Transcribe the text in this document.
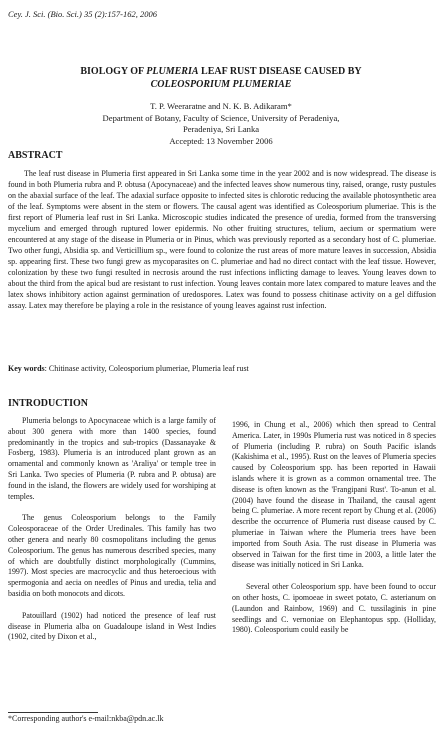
Cey. J. Sci. (Bio. Sci.) 35 (2):157-162, 2006
BIOLOGY OF PLUMERIA LEAF RUST DISEASE CAUSED BY
COLEOSPORIUM PLUMERIAE
T. P. Weeraratne and N. K. B. Adikaram*
Department of Botany, Faculty of Science, University of Peradeniya,
Peradeniya, Sri Lanka
Accepted: 13 November 2006
ABSTRACT

The leaf rust disease in Plumeria first appeared in Sri Lanka some time in the year 2002 and is now widespread. The disease is found in both Plumeria rubra and P. obtusa (Apocynaceae) and the infected leaves show numerous tiny, raised, orange, rusty pustules on the abaxial surface of the leaf. The adaxial surface opposite to infected sites is chlorotic reducing the available photosynthetic area of the leaf. Symptoms were absent in the stem or flowers. The causal agent was identified as Coleosporium plumeriae. This is the first report of Plumeria leaf rust in Sri Lanka. Microscopic studies indicated the presence of uredia, formed from the transversing mycelium and emerged through ruptured lower epidermis. No other fruiting structures, telium, aecium or spermatium were encountered at any stage of the disease in Plumeria or in Pinus, which was previously reported as a secondary host of C. plumeriae. Two other fungi, Absidia sp. and Verticillium sp., were found to colonize the rust areas of more mature leaves in succession, Absidia sp. appearing first. These two fungi grew as mycoparasites on C. plumeriae and had no direct contact with the leaf tissue. However, colonization by these two fungi resulted in necrosis around the rust infections inflicting damage to leaves. Young leaves down to about the third from the apical bud are resistant to rust infection. Young leaves contain more latex compared to mature leaves and the latex shows inhibitory action against germination of uredospores. Latex was found to possess chitinase activity on a gel diffusion assay. Latex may therefore be playing a role in the resistance of young leaves against rust infection.

Key words: Chitinase activity, Coleosporium plumeriae, Plumeria leaf rust
INTRODUCTION

Plumeria belongs to Apocynaceae which is a large family of about 300 genera with more than 1400 species, found predominantly in the tropics and sub-tropics (Dassanayake & Fosberg, 1983). Plumeria is an introduced plant grown as an ornamental and commonly known as 'Araliya' or temple tree in Sri Lanka. Two species of Plumeria (P. rubra and P. obtusa) are found in the island, the flowers are widely used for worshiping at temples.

The genus Coleosporium belongs to the Family Coleosporaceae of the Order Uredinales. This family has two other genera and nearly 80 cosmopolitans including the genus Coleosporium. The genus has numerous described species, many of which are doubtfully distinct morphologically (Cummins, 1997). Most species are macrocyclic and thus heteroecious with spermogonia and aecia on needles of Pinus and uredia, telia and basidia on both monocots and dicots.

Patouillard (1902) had noticed the presence of leaf rust disease in Plumeria alba on Guadaloupe island in West Indies (1902, cited by Dixon et al.,

1996, in Chung et al., 2006) which then spread to Central America. Later, in 1990s Plumeria rust was noticed in 8 species of Plumeria (including P. rubra) on South Pacific islands (Kakishima et al., 1995). Rust on the leaves of Plumeria species caused by Coleosporium spp. has been reported in Hawaii islands where it is grown as a common ornamental tree. The disease is often known as the 'Frangipani Rust'. To-anun et al. (2004) have found the disease in Thailand, the causal agent being C. plumeriae. A more recent report by Chung et al. (2006) describe the occurrence of Plumeria rust disease caused by C. plumeriae in Taiwan where the Plumeria trees have been imported from South Asia. The rust disease in Plumeria was observed in Taiwan for the first time in 2003, a little later the disease was initially noticed in Sri Lanka.

Several other Coleosporium spp. have been found to occur on other hosts, C. ipomoeae in sweet potato, C. asterianum on (Laundon and Rainbow, 1969) and C. tussilaginis in pine seedlings and C. vernoniae on Elephantopus spp. (Holliday, 1980). Coleosporium could easily be

*Corresponding author's e-mail:nkba@pdn.ac.lk
